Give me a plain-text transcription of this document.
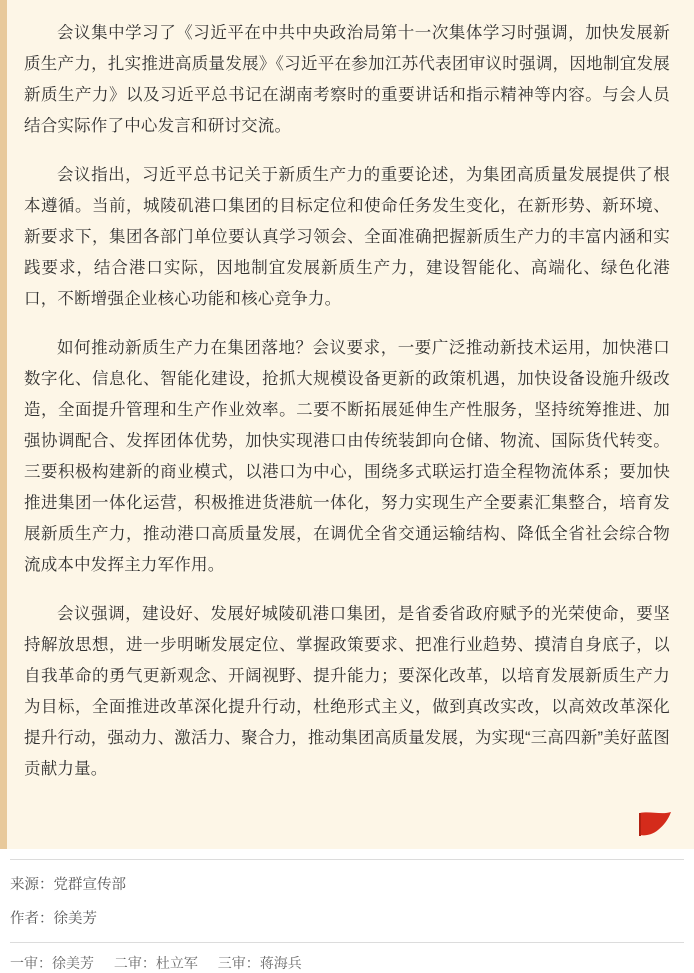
会议集中学习了《习近平在中共中央政治局第十一次集体学习时强调，加快发展新质生产力，扎实推进高质量发展》《习近平在参加江苏代表团审议时强调，因地制宜发展新质生产力》以及习近平总书记在湖南考察时的重要讲话和指示精神等内容。与会人员结合实际作了中心发言和研讨交流。

会议指出，习近平总书记关于新质生产力的重要论述，为集团高质量发展提供了根本遵循。当前，城陵矶港口集团的目标定位和使命任务发生变化，在新形势、新环境、新要求下，集团各部门单位要认真学习领会、全面准确把握新质生产力的丰富内涵和实践要求，结合港口实际，因地制宜发展新质生产力，建设智能化、高端化、绿色化港口，不断增强企业核心功能和核心竞争力。

如何推动新质生产力在集团落地？会议要求，一要广泛推动新技术运用，加快港口数字化、信息化、智能化建设，抢抓大规模设备更新的政策机遇，加快设备设施升级改造，全面提升管理和生产作业效率。二要不断拓展延伸生产性服务，坚持统筹推进、加强协调配合、发挥团体优势，加快实现港口由传统装卸向仓储、物流、国际货代转变。三要积极构建新的商业模式，以港口为中心，围绕多式联运打造全程物流体系；要加快推进集团一体化运营，积极推进货港航一体化，努力实现生产全要素汇集整合，培育发展新质生产力，推动港口高质量发展，在调优全省交通运输结构、降低全省社会综合物流成本中发挥主力军作用。

会议强调，建设好、发展好城陵矶港口集团，是省委省政府赋予的光荣使命，要坚持解放思想，进一步明晰发展定位、掌握政策要求、把准行业趋势、摸清自身底子，以自我革命的勇气更新观念、开阔视野、提升能力；要深化改革，以培育发展新质生产力为目标，全面推进改革深化提升行动，杜绝形式主义，做到真改实改，以高效改革深化提升行动，强动力、激活力、聚合力，推动集团高质量发展，为实现“三高四新”美好蓝图贡献力量。

来源：党群宣传部

作者：徐美芳

一审：徐美芳 二审：杜立军 三审：蒋海兵
